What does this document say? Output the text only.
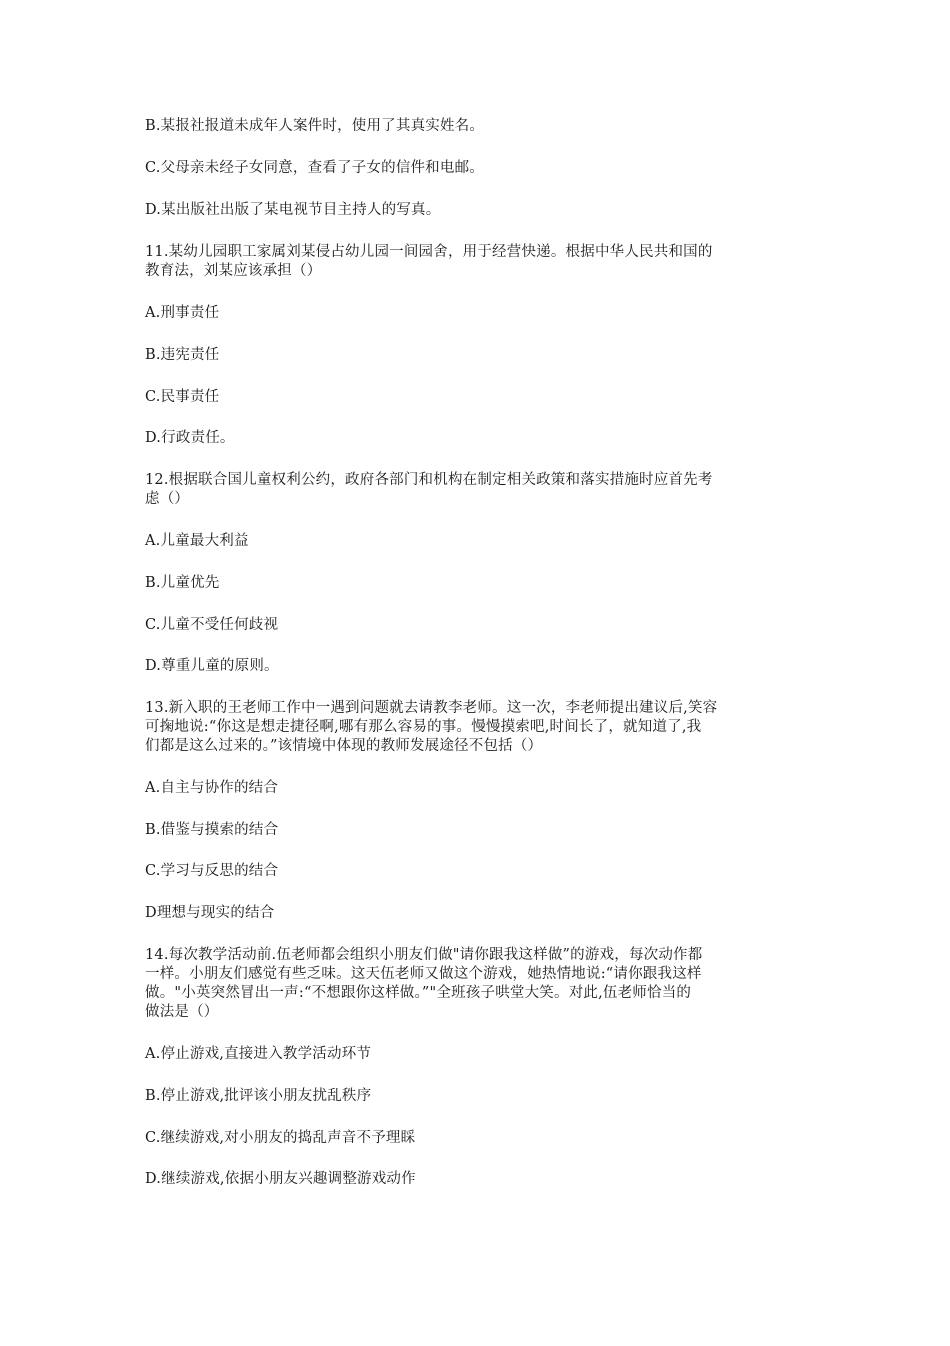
B.某报社报道未成年人案件时，使用了其真实姓名。
C.父母亲未经子女同意，查看了子女的信件和电邮。
D.某出版社出版了某电视节目主持人的写真。
11.某幼儿园职工家属刘某侵占幼儿园一间园舍，用于经营快递。根据中华人民共和国的
教育法，刘某应该承担（）
A.刑事责任
B.违宪责任
C.民事责任
D.行政责任。
12.根据联合国儿童权利公约，政府各部门和机构在制定相关政策和落实措施时应首先考
虑（）
A.儿童最大利益
B.儿童优先
C.儿童不受任何歧视
D.尊重儿童的原则。
13.新入职的王老师工作中一遇到问题就去请教李老师。这一次，李老师提出建议后,笑容
可掬地说:“你这是想走捷径啊,哪有那么容易的事。慢慢摸索吧,时间长了，就知道了,我
们都是这么过来的。”该情境中体现的教师发展途径不包括（）
A.自主与协作的结合
B.借鉴与摸索的结合
C.学习与反思的结合
D理想与现实的结合
14.每次教学活动前.伍老师都会组织小朋友们做"请你跟我这样做”的游戏，每次动作都
一样。小朋友们感觉有些乏味。这天伍老师又做这个游戏，她热情地说:“请你跟我这样
做。"小英突然冒出一声:“不想跟你这样做。”"全班孩子哄堂大笑。对此,伍老师恰当的
做法是（）
A.停止游戏,直接进入教学活动环节
B.停止游戏,批评该小朋友扰乱秩序
C.继续游戏,对小朋友的捣乱声音不予理睬
D.继续游戏,依据小朋友兴趣调整游戏动作
